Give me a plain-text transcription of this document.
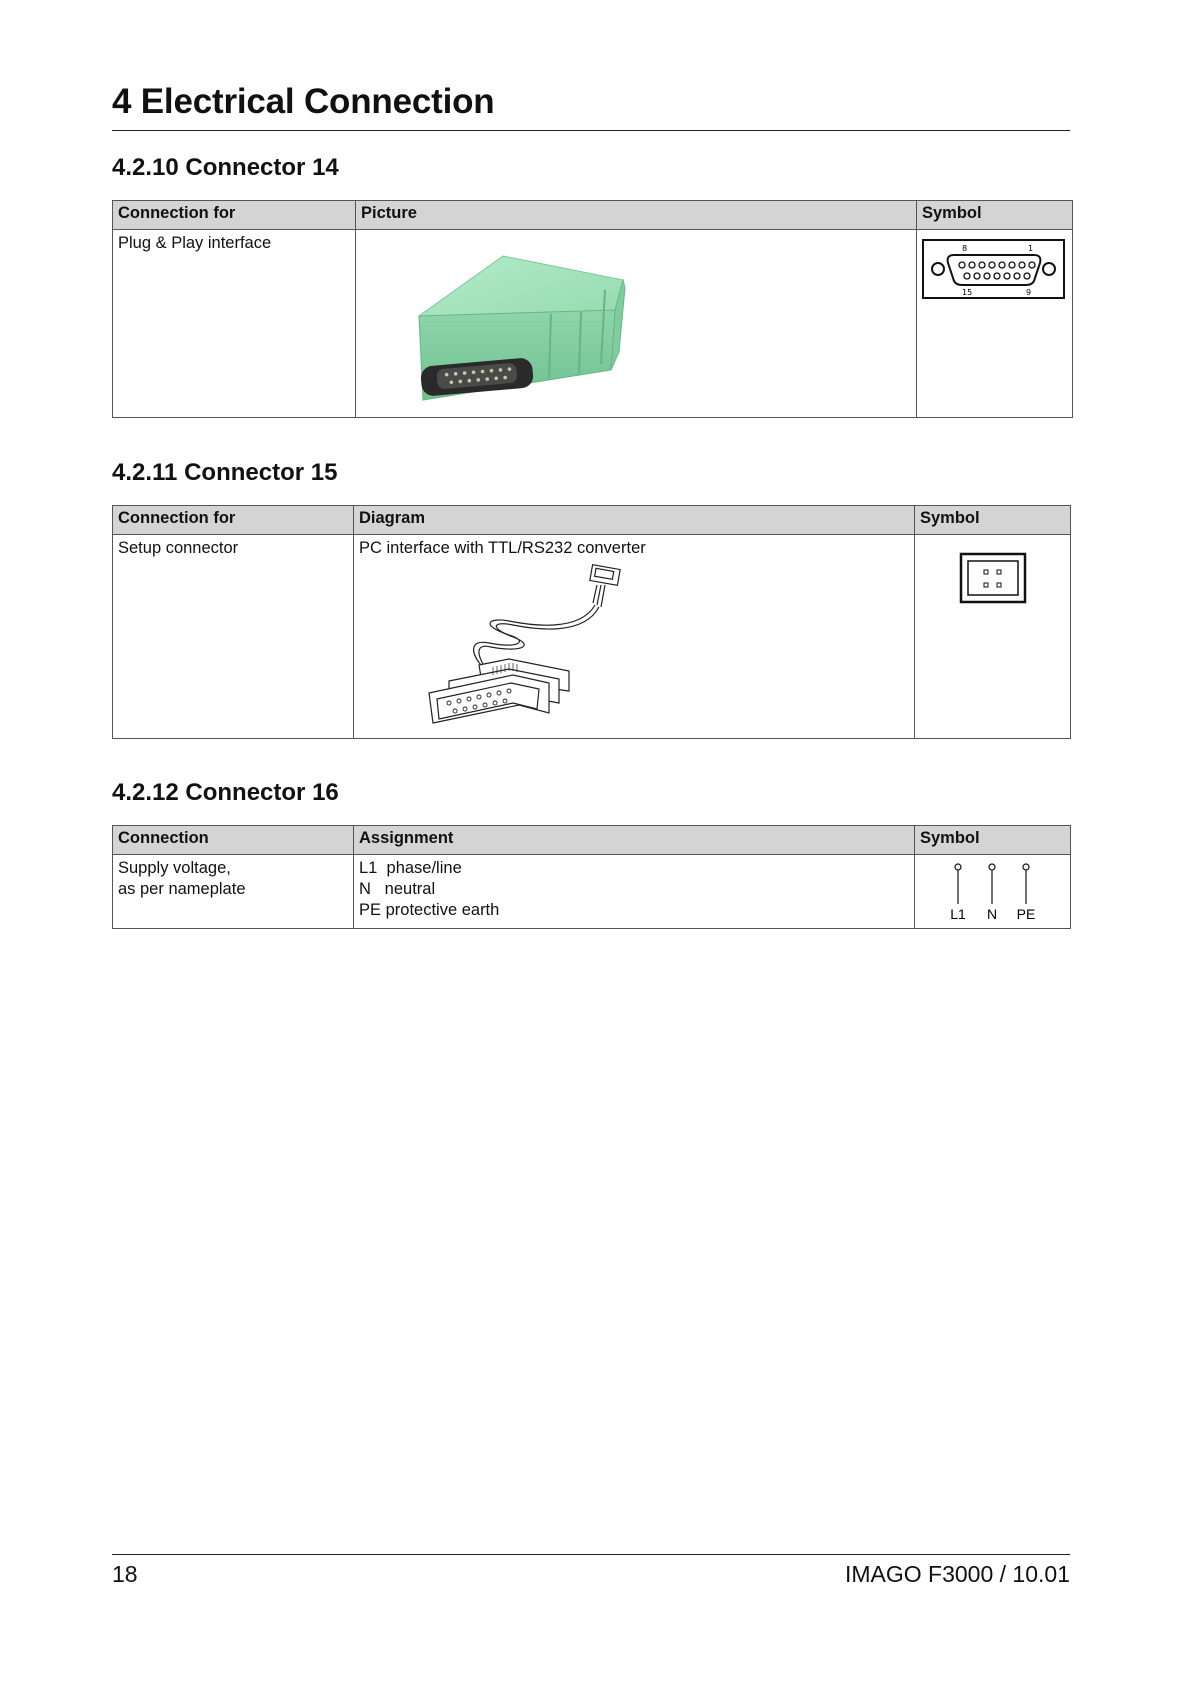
4 Electrical Connection
4.2.10 Connector 14
Connection for	Picture	Symbol

Plug & Play interface		8 1
15 9
4.2.11 Connector 15
Connection for	Diagram	Symbol

Setup connector	PC interface with TTL/RS232 converter

4.2.12 Connector 16
Connection	Assignment	Symbol

Supply voltage,
as per nameplate	L1  phase/line
N   neutral
PE protective earth	L1 N PE
18	IMAGO F3000 / 10.01
